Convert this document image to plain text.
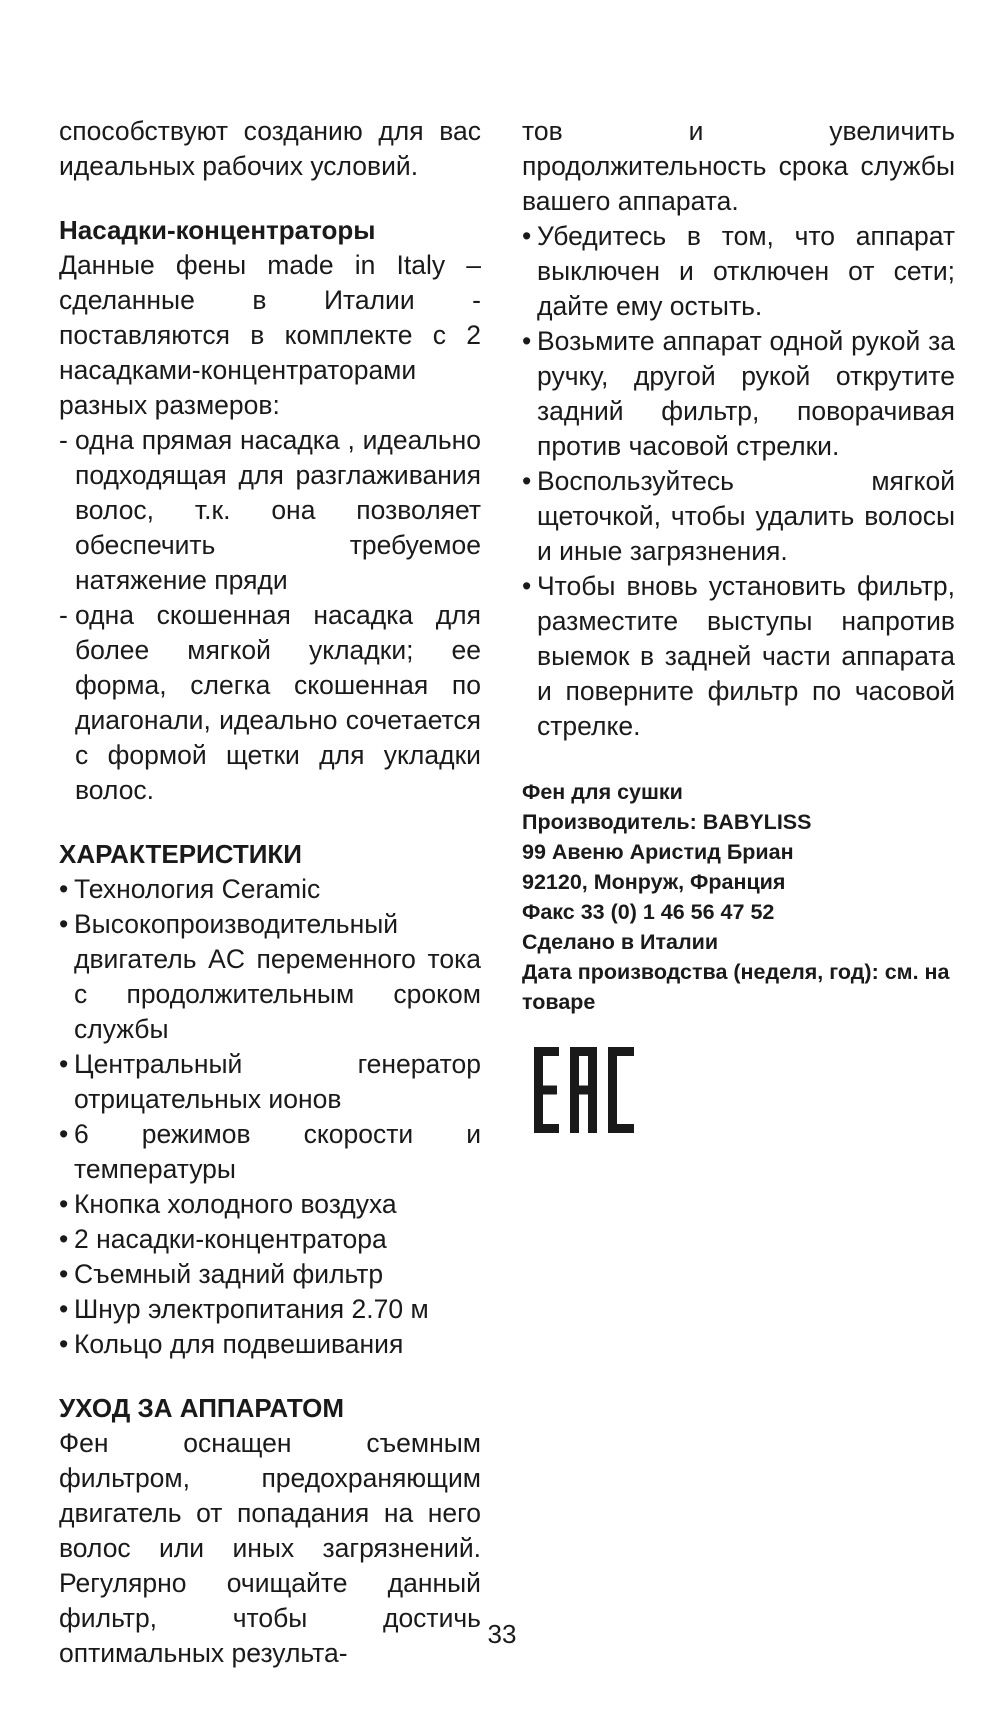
способствуют созданию для вас идеальных рабочих условий.

Насадки-концентраторы

Данные фены made in Italy – сделанные в Италии - поставляются в комплекте с 2 насадками-концентраторами разных размеров:

- одна прямая насадка , идеально подходящая для разглаживания волос, т.к. она позволяет обеспечить требуемое натяжение пряди
- одна скошенная насадка для более мягкой укладки; ее форма, слегка скошенная по диагонали, идеально сочетается с формой щетки для укладки волос.
ХАРАКТЕРИСТИКИ
• Технология Ceramic
• Высокопроизводительный двигатель AC переменного тока с продолжительным сроком службы
• Центральный генератор отрицательных ионов
• 6 режимов скорости и температуры
• Кнопка холодного воздуха
• 2 насадки-концентратора
• Съемный задний фильтр
• Шнур электропитания 2.70 м
• Кольцо для подвешивания
УХОД ЗА АППАРАТОМ

Фен оснащен съемным фильтром, предохраняющим двигатель от попадания на него волос или иных загрязнений. Регулярно очищайте данный фильтр, чтобы достичь оптимальных результа-

тов и увеличить продолжительность срока службы вашего аппарата.

• Убедитесь в том, что аппарат выключен и отключен от сети; дайте ему остыть.
• Возьмите аппарат одной рукой за ручку, другой рукой открутите задний фильтр, поворачивая против часовой стрелки.
• Воспользуйтесь мягкой щеточкой, чтобы удалить волосы и иные загрязнения.
• Чтобы вновь установить фильтр, разместите выступы напротив выемок в задней части аппарата и поверните фильтр по часовой стрелке.

Фен для сушки

Производитель: BABYLISS

99 Авеню Аристид Бриан

92120, Монруж, Франция

Факс 33 (0) 1 46 56 47 52

Сделано в Италии

Дата производства (неделя, год): см. на товаре

33
